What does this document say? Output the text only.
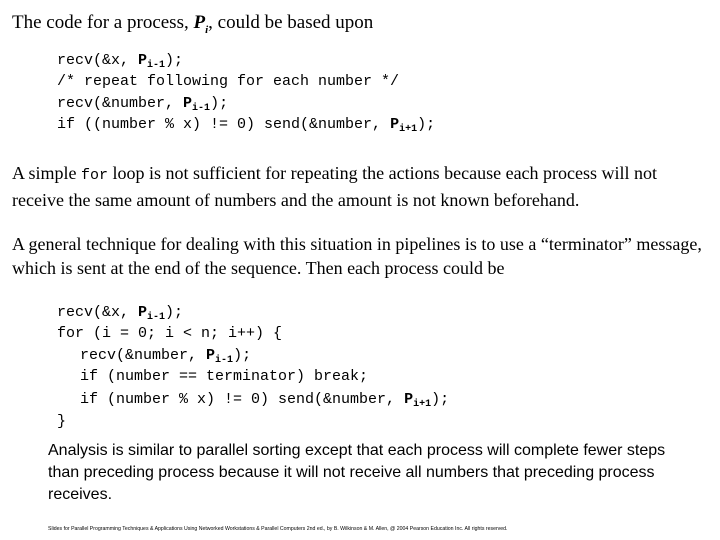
The code for a process, $P_i$, could be based upon
recv(&x, $P_{i-1}$);
/* repeat following for each number */
recv(&number, $P_{i-1}$);
if ((number % x) != 0) send(&number, $P_{i+1}$);
A simple for loop is not sufficient for repeating the actions because each process will not receive the same amount of numbers and the amount is not known beforehand.
A general technique for dealing with this situation in pipelines is to use a “terminator” message, which is sent at the end of the sequence. Then each process could be
recv(&x, $P_{i-1}$);
for (i = 0; i < n; i++) {
recv(&number, $P_{i-1}$);
if (number == terminator) break;
if (number % x) != 0) send(&number, $P_{i+1}$);
}
Analysis is similar to parallel sorting except that each process will complete fewer steps than preceding process because it will not receive all numbers that preceding process receives.
Slides for Parallel Programming Techniques & Applications Using Networked Workstations & Parallel Computers 2nd ed., by B. Wilkinson & M. Allen, @ 2004 Pearson Education Inc. All rights reserved.
